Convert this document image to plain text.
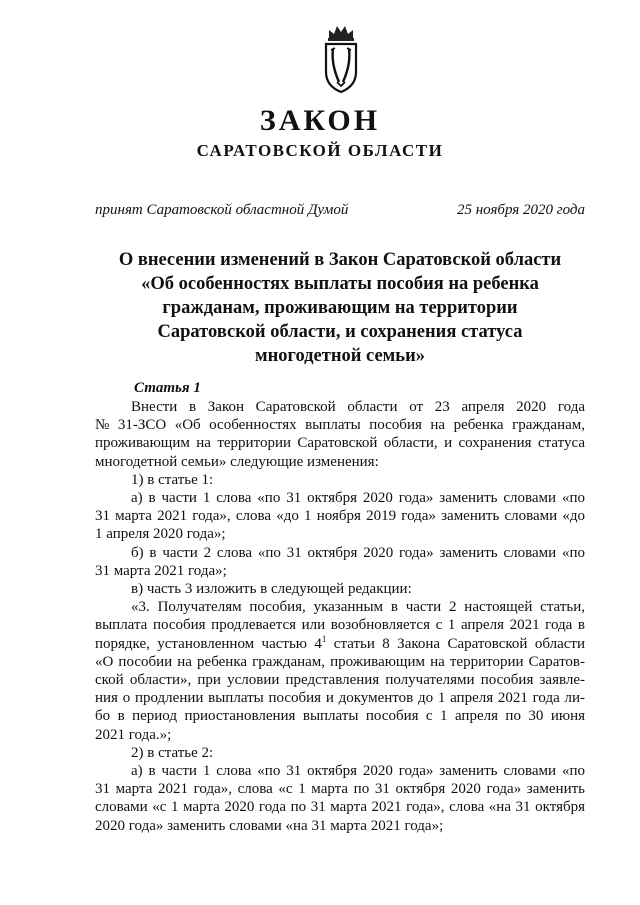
ЗАКОН
САРАТОВСКОЙ ОБЛАСТИ
принят Саратовской областной Думой	25 ноября 2020 года
О внесении изменений в Закон Саратовской области
«Об особенностях выплаты пособия на ребенка
гражданам, проживающим на территории
Саратовской области, и сохранения статуса
многодетной семьи»
Статья 1
Внести в Закон Саратовской области от 23 апреля 2020 года
№ 31-ЗСО «Об особенностях выплаты пособия на ребенка гражданам,
проживающим на территории Саратовской области, и сохранения статуса
многодетной семьи» следующие изменения:
1) в статье 1:
а) в части 1 слова «по 31 октября 2020 года» заменить словами «по
31 марта 2021 года», слова «до 1 ноября 2019 года» заменить словами «до
1 апреля 2020 года»;
б) в части 2 слова «по 31 октября 2020 года» заменить словами «по
31 марта 2021 года»;
в) часть 3 изложить в следующей редакции:
«3. Получателям пособия, указанным в части 2 настоящей статьи,
выплата пособия продлевается или возобновляется с 1 апреля 2021 года в
порядке, установленном частью $4^1$ статьи 8 Закона Саратовской области
«О пособии на ребенка гражданам, проживающим на территории Саратов-
ской области», при условии представления получателями пособия заявле-
ния о продлении выплаты пособия и документов до 1 апреля 2021 года ли-
бо в период приостановления выплаты пособия с 1 апреля по 30 июня
2021 года.»;
2) в статье 2:
а) в части 1 слова «по 31 октября 2020 года» заменить словами «по
31 марта 2021 года», слова «с 1 марта по 31 октября 2020 года» заменить
словами «с 1 марта 2020 года по 31 марта 2021 года», слова «на 31 октября
2020 года» заменить словами «на 31 марта 2021 года»;
